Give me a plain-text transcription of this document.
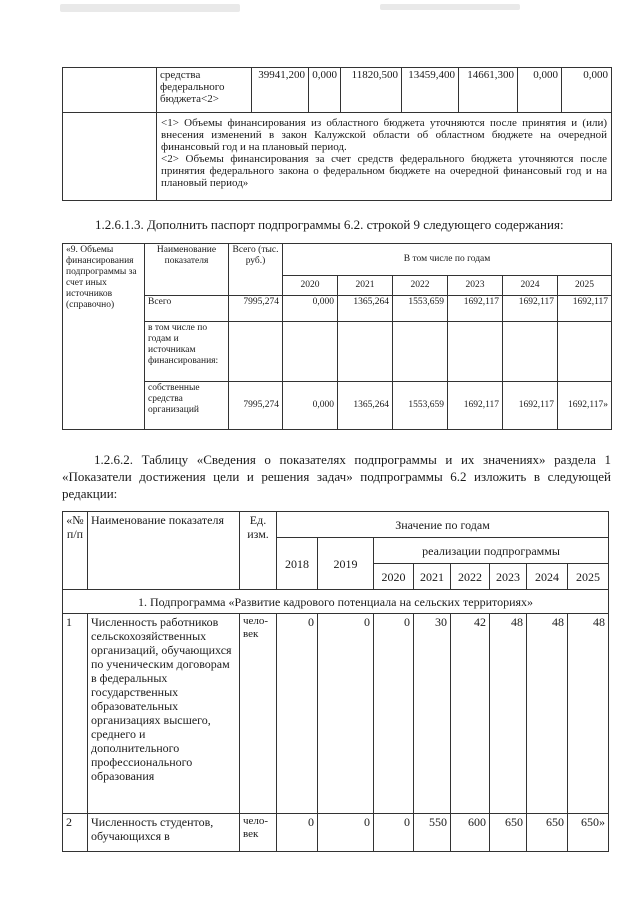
	средства федерального бюджета<2>	39941,200	0,000	11820,500	13459,400	14661,300	0,000	0,000

	<1> Объемы финансирования из областного бюджета уточняются после принятия и (или) внесения изменений в закон Калужской области об областном бюджете на очередной финансовый год и на плановый период.

<2> Объемы финансирования за счет средств федерального бюджета уточняются после принятия федерального закона о федеральном бюджете на очередной финансовый год и на плановый период»							

1.2.6.1.3. Дополнить паспорт подпрограммы 6.2. строкой 9 следующего содержания:

«9. Объемы финансирования подпрограммы за счет иных источников (справочно)	Наименование показателя	Всего (тыс. руб.)	В том числе по годам					
			2020	2021	2022	2023	2024	2025
	Всего	7995,274	0,000	1365,264	1553,659	1692,117	1692,117	1692,117
	в том числе по годам и источникам финансирования:							
	собственные средства организаций	7995,274	0,000	1365,264	1553,659	1692,117	1692,117	1692,117»

1.2.6.2. Таблицу «Сведения о показателях подпрограммы и их значениях» раздела 1 «Показатели достижения цели и решения задач» подпрограммы 6.2 изложить в следующей редакции:

«№ п/п	Наименование показателя	Ед. изм.	Значение по годам							
			2018	2019	реализации подпрограммы					
					2020	2021	2022	2023	2024	2025
1. Подпрограмма «Развитие кадрового потенциала на сельских территориях»										
1	Численность работников сельскохозяйственных организаций, обучающихся по ученическим договорам в федеральных государственных образовательных организациях высшего, среднего и дополнительного профессионального образования	чело-век	0	0	0	30	42	48	48	48
2	Численность студентов, обучающихся в	чело-век	0	0	0	550	600	650	650	650»
